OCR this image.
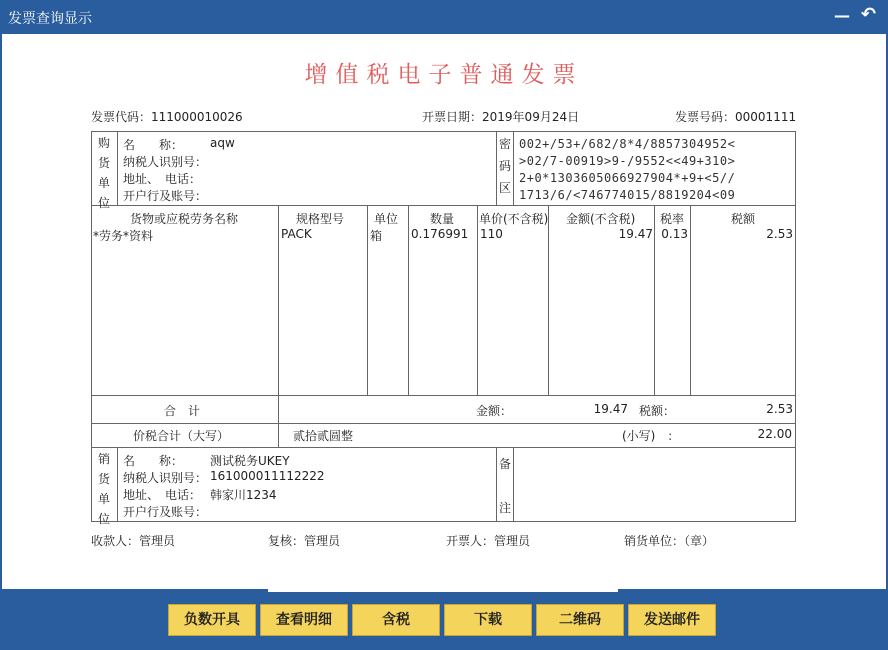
发票查询显示	— ↶
增值税电子普通发票
发票代码：111000010026	开票日期：2019年09月24日	发票号码：00001111
购
货
单
位
名　　称： aqw
纳税人识别号：
地址、　电话：
开户行及账号：
密
码
区
002+/53+/682/8*4/8857304952<
>02/7-00919>9-/9552<<49+310>
2+0*1303605066927904*+9+<5//
1713/6/<746774015/8819204<09
货物或应税劳务名称	规格型号 单位	数量 单价(不含税) 金额(不含税) 税率	税额
*劳务*资料	PACK	箱 0.176991 110	19.47 0.13	2.53
合　计	金额：	19.47 税额：	2.53
价税合计（大写）	贰拾贰圆整	(小写)　：	22.00
销
货
单
位
名　　称： 测试税务UKEY
纳税人识别号： 161000011112222
地址、　电话： 韩家川1234
开户行及账号：
备
注
收款人：管理员	复核：管理员	开票人：管理员	销货单位：（章）
负数开具	查看明细	含税	下载	二维码	发送邮件
